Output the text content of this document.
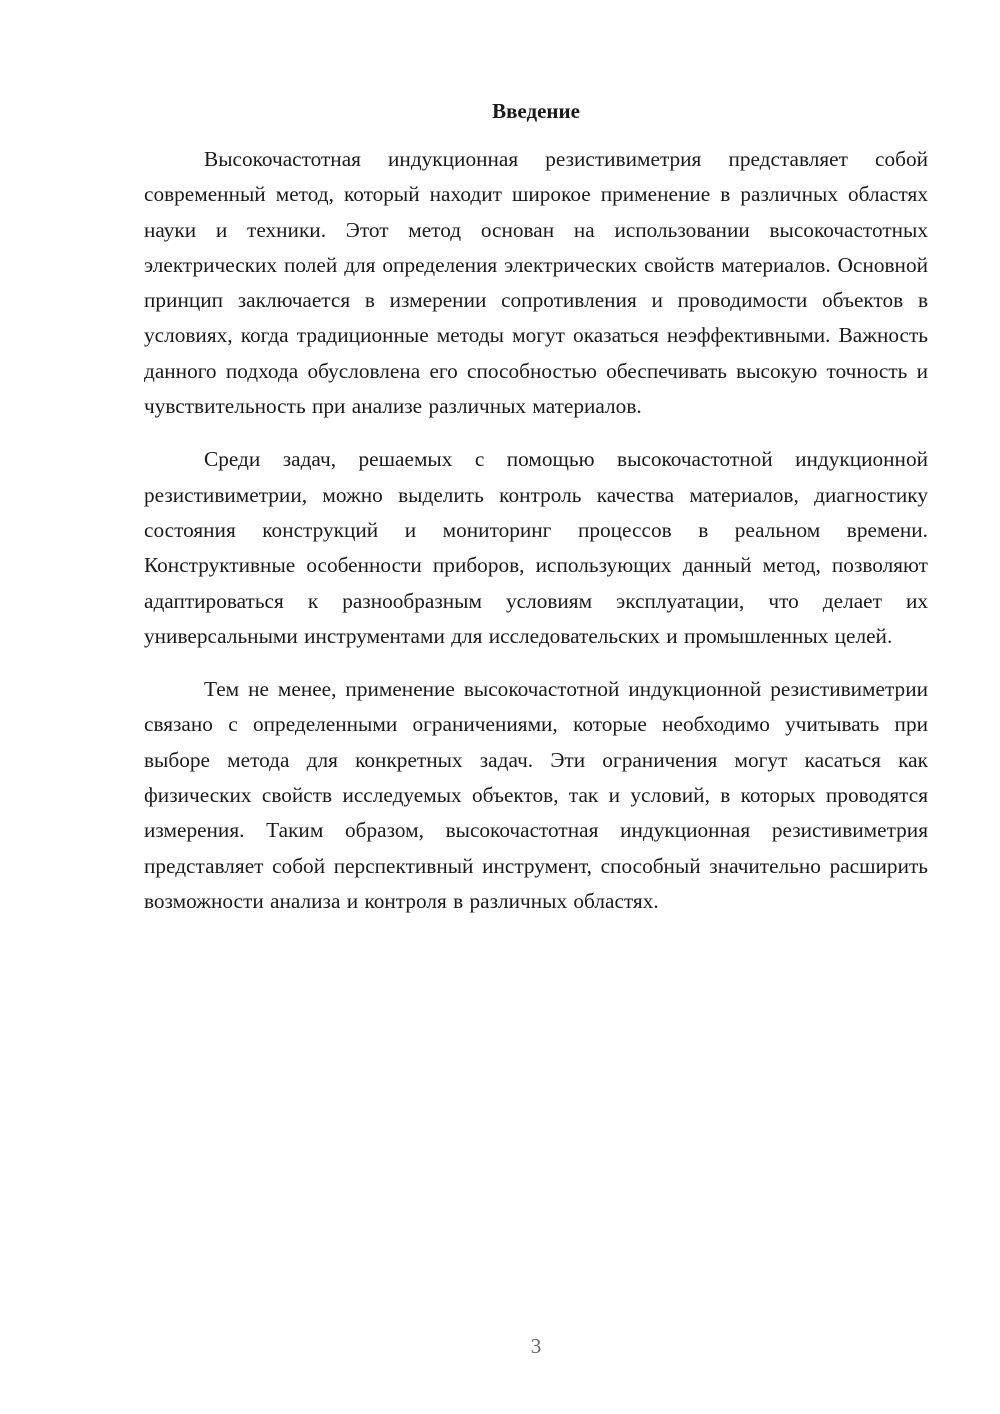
Введение

Высокочастотная индукционная резистивиметрия представляет собой современный метод, который находит широкое применение в различных областях науки и техники. Этот метод основан на использовании высокочастотных электрических полей для определения электрических свойств материалов. Основной принцип заключается в измерении сопротивления и проводимости объектов в условиях, когда традиционные методы могут оказаться неэффективными. Важность данного подхода обусловлена его способностью обеспечивать высокую точность и чувствительность при анализе различных материалов.

Среди задач, решаемых с помощью высокочастотной индукционной резистивиметрии, можно выделить контроль качества материалов, диагностику состояния конструкций и мониторинг процессов в реальном времени. Конструктивные особенности приборов, использующих данный метод, позволяют адаптироваться к разнообразным условиям эксплуатации, что делает их универсальными инструментами для исследовательских и промышленных целей.

Тем не менее, применение высокочастотной индукционной резистивиметрии связано с определенными ограничениями, которые необходимо учитывать при выборе метода для конкретных задач. Эти ограничения могут касаться как физических свойств исследуемых объектов, так и условий, в которых проводятся измерения. Таким образом, высокочастотная индукционная резистивиметрия представляет собой перспективный инструмент, способный значительно расширить возможности анализа и контроля в различных областях.

3
